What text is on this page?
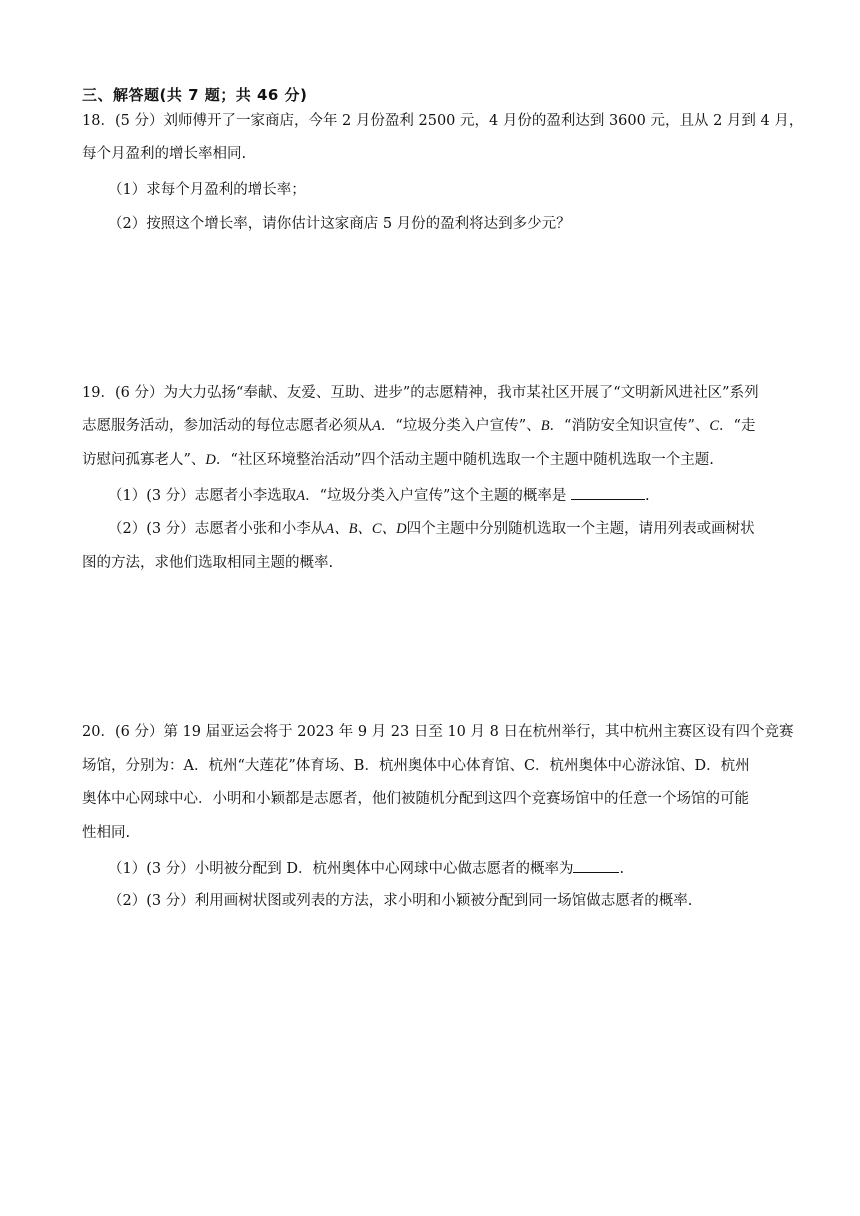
三、解答题(共 7 题；共 46 分)
18．(5 分）刘师傅开了一家商店，今年 2 月份盈利 2500 元，4 月份的盈利达到 3600 元，且从 2 月到 4 月，
每个月盈利的增长率相同.
（1）求每个月盈利的增长率；
（2）按照这个增长率，请你估计这家商店 5 月份的盈利将达到多少元？
19．(6 分）为大力弘扬“奉献、友爱、互助、进步”的志愿精神，我市某社区开展了“文明新风进社区”系列
志愿服务活动，参加活动的每位志愿者必须从A．“垃圾分类入户宣传”、B．“消防安全知识宣传”、C．“走
访慰问孤寡老人”、D．“社区环境整治活动”四个活动主题中随机选取一个主题中随机选取一个主题.
（1）(3 分）志愿者小李选取A．“垃圾分类入户宣传”这个主题的概率是	.
（2）(3 分）志愿者小张和小李从A、B、C、D四个主题中分别随机选取一个主题，请用列表或画树状
图的方法，求他们选取相同主题的概率.
20．(6 分）第 19 届亚运会将于 2023 年 9 月 23 日至 10 月 8 日在杭州举行，其中杭州主赛区设有四个竞赛
场馆，分别为：A．杭州“大莲花”体育场、B．杭州奥体中心体育馆、C．杭州奥体中心游泳馆、D．杭州
奥体中心网球中心．小明和小颖都是志愿者，他们被随机分配到这四个竞赛场馆中的任意一个场馆的可能
性相同.
（1）(3 分）小明被分配到 D．杭州奥体中心网球中心做志愿者的概率为	.
（2）(3 分）利用画树状图或列表的方法，求小明和小颖被分配到同一场馆做志愿者的概率.
